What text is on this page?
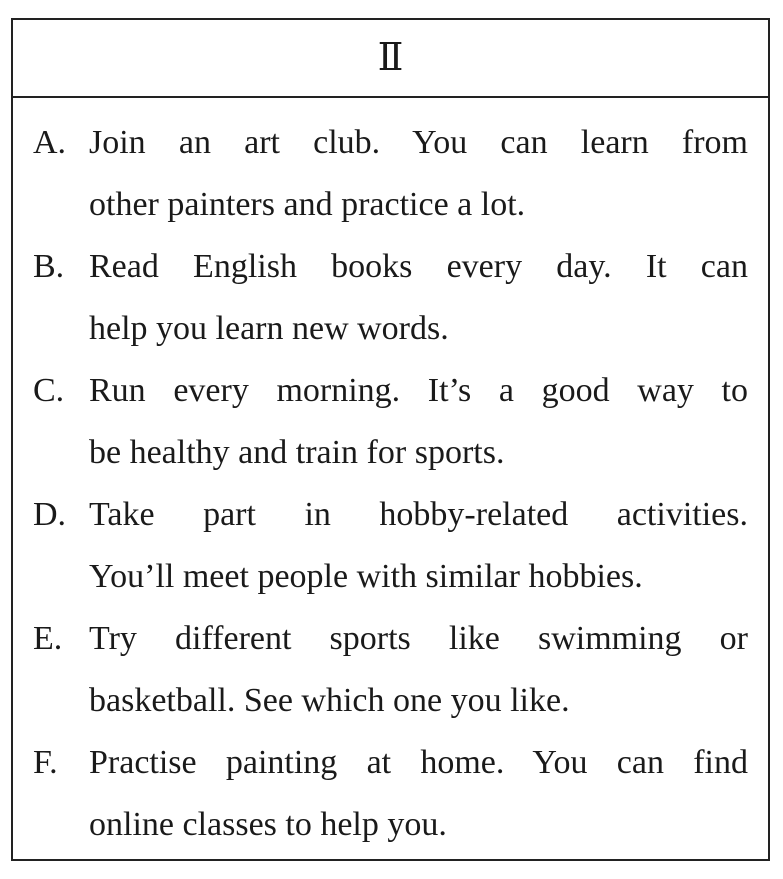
Ⅱ
A. Join an art club. You can learn from
other painters and practice a lot.
B. Read English books every day. It can
help you learn new words.
C. Run every morning. It’s a good way to
be healthy and train for sports.
D. Take part in hobby-related activities.
You’ll meet people with similar hobbies.
E. Try different sports like swimming or
basketball. See which one you like.
F. Practise painting at home. You can find
online classes to help you.
